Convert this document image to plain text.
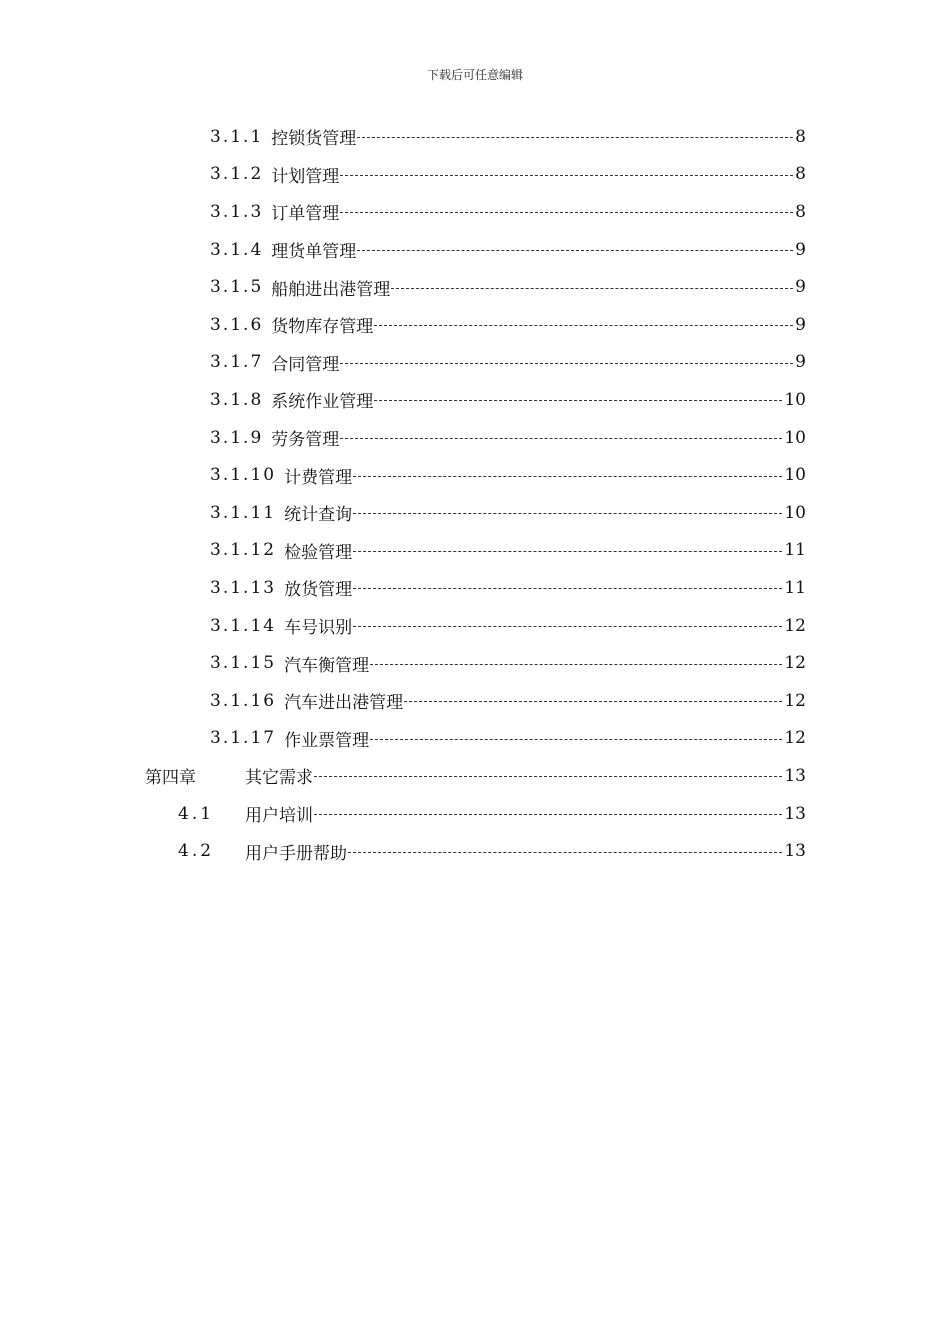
下载后可任意编辑
3.1.1 控锁货管理	8
3.1.2 计划管理	8
3.1.3 订单管理	8
3.1.4 理货单管理	9
3.1.5 船舶进出港管理	9
3.1.6 货物库存管理	9
3.1.7 合同管理	9
3.1.8 系统作业管理	10
3.1.9 劳务管理	10
3.1.10 计费管理	10
3.1.11 统计查询	10
3.1.12 检验管理	11
3.1.13 放货管理	11
3.1.14 车号识别	12
3.1.15 汽车衡管理	12
3.1.16 汽车进出港管理	12
3.1.17 作业票管理	12
第四章	其它需求	13
4.1	用户培训	13
4.2	用户手册帮助	13
